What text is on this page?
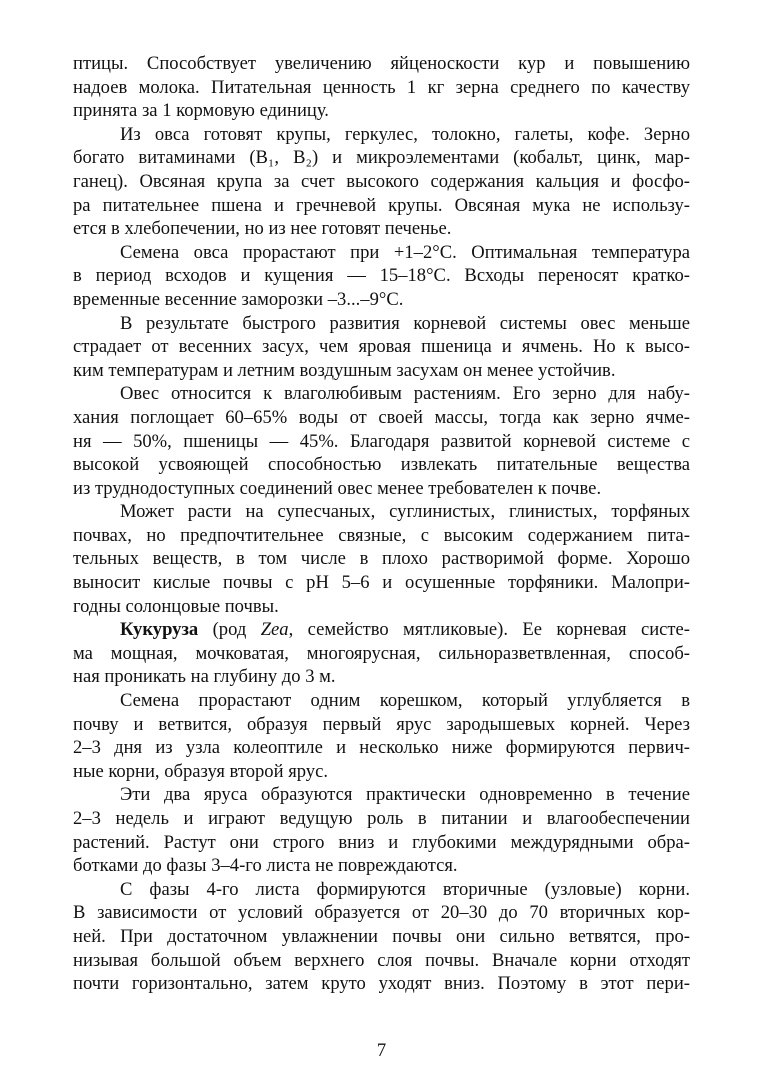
птицы. Способствует увеличению яйценоскости кур и повышению
надоев молока. Питательная ценность 1 кг зерна среднего по качеству
принята за 1 кормовую единицу.
Из овса готовят крупы, геркулес, толокно, галеты, кофе. Зерно
богато витаминами (B₁, B₂) и микроэлементами (кобальт, цинк, мар-
ганец). Овсяная крупа за счет высокого содержания кальция и фосфо-
ра питательнее пшена и гречневой крупы. Овсяная мука не использу-
ется в хлебопечении, но из нее готовят печенье.
Семена овса прорастают при +1–2°C. Оптимальная температура
в период всходов и кущения — 15–18°C. Всходы переносят кратко-
временные весенние заморозки –3...–9°C.
В результате быстрого развития корневой системы овес меньше
страдает от весенних засух, чем яровая пшеница и ячмень. Но к высо-
ким температурам и летним воздушным засухам он менее устойчив.
Овес относится к влаголюбивым растениям. Его зерно для набу-
хания поглощает 60–65% воды от своей массы, тогда как зерно ячме-
ня — 50%, пшеницы — 45%. Благодаря развитой корневой системе с
высокой усвояющей способностью извлекать питательные вещества
из труднодоступных соединений овес менее требователен к почве.
Может расти на супесчаных, суглинистых, глинистых, торфяных
почвах, но предпочтительнее связные, с высоким содержанием пита-
тельных веществ, в том числе в плохо растворимой форме. Хорошо
выносит кислые почвы с pH 5–6 и осушенные торфяники. Малопри-
годны солонцовые почвы.
Кукуруза (род Zea, семейство мятликовые). Ее корневая систе-
ма мощная, мочковатая, многоярусная, сильноразветвленная, способ-
ная проникать на глубину до 3 м.
Семена прорастают одним корешком, который углубляется в
почву и ветвится, образуя первый ярус зародышевых корней. Через
2–3 дня из узла колеоптиле и несколько ниже формируются первич-
ные корни, образуя второй ярус.
Эти два яруса образуются практически одновременно в течение
2–3 недель и играют ведущую роль в питании и влагообеспечении
растений. Растут они строго вниз и глубокими междурядными обра-
ботками до фазы 3–4-го листа не повреждаются.
С фазы 4-го листа формируются вторичные (узловые) корни.
В зависимости от условий образуется от 20–30 до 70 вторичных кор-
ней. При достаточном увлажнении почвы они сильно ветвятся, про-
низывая большой объем верхнего слоя почвы. Вначале корни отходят
почти горизонтально, затем круто уходят вниз. Поэтому в этот пери-
7
